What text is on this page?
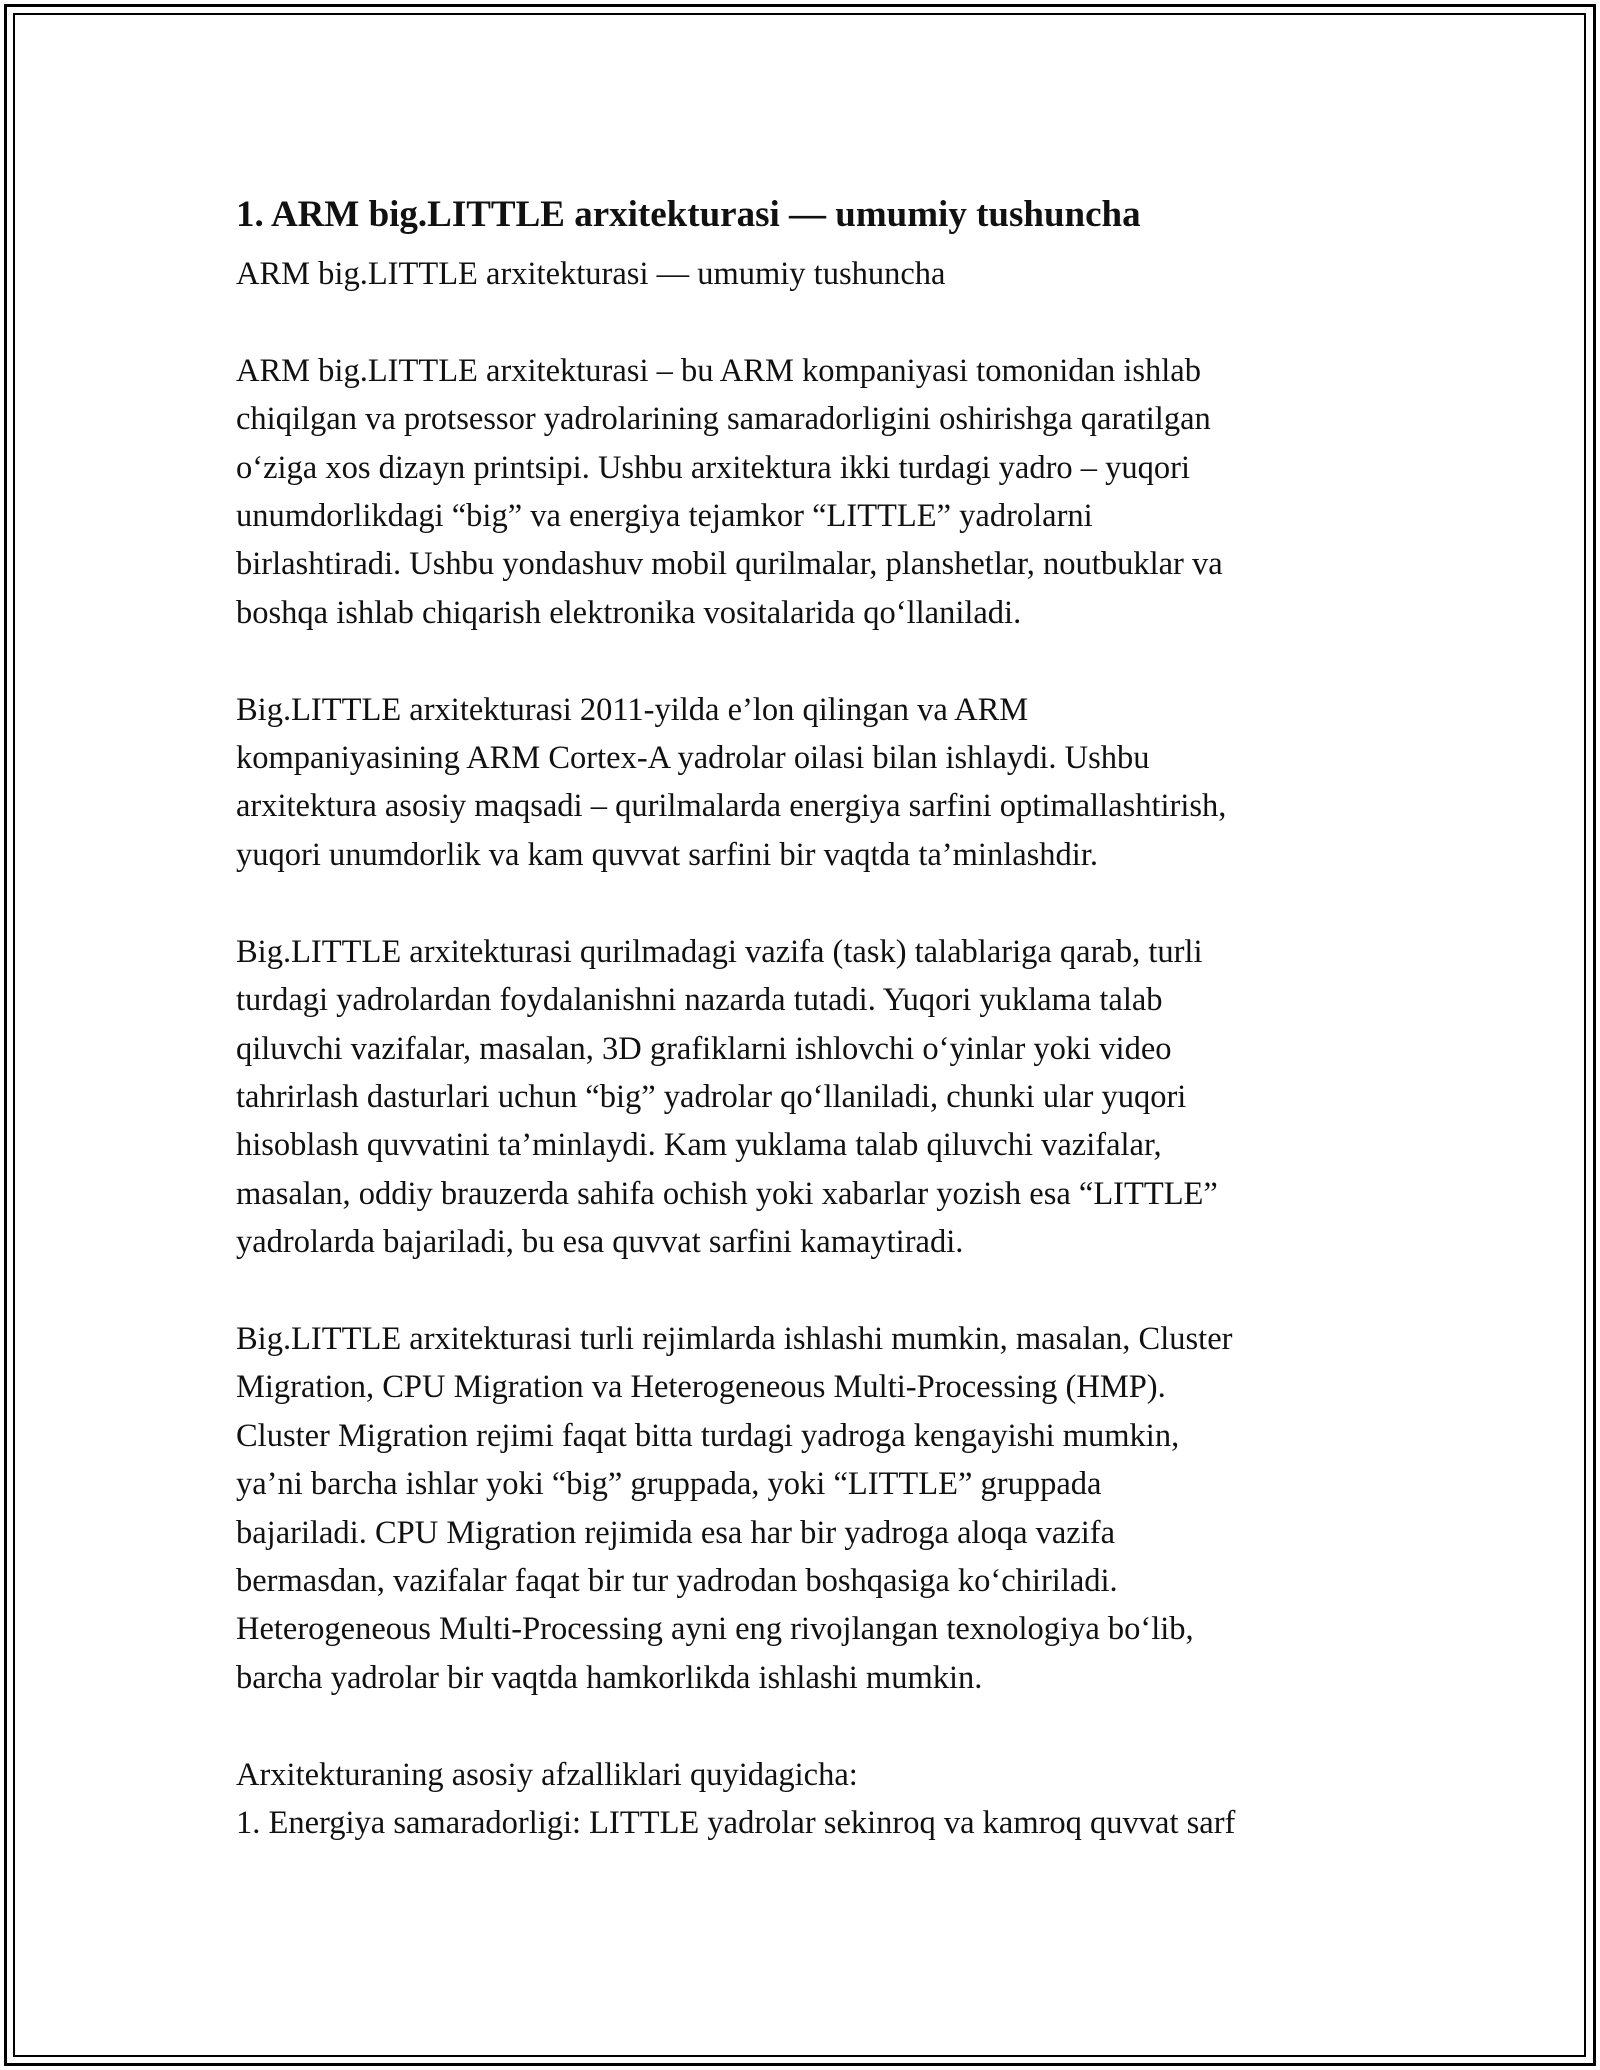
1. ARM big.LITTLE arxitekturasi — umumiy tushuncha
ARM big.LITTLE arxitekturasi — umumiy tushuncha

ARM big.LITTLE arxitekturasi – bu ARM kompaniyasi tomonidan ishlab
chiqilgan va protsessor yadrolarining samaradorligini oshirishga qaratilgan
o‘ziga xos dizayn printsipi. Ushbu arxitektura ikki turdagi yadro – yuqori
unumdorlikdagi “big” va energiya tejamkor “LITTLE” yadrolarni
birlashtiradi. Ushbu yondashuv mobil qurilmalar, planshetlar, noutbuklar va
boshqa ishlab chiqarish elektronika vositalarida qo‘llaniladi.

Big.LITTLE arxitekturasi 2011-yilda e’lon qilingan va ARM
kompaniyasining ARM Cortex-A yadrolar oilasi bilan ishlaydi. Ushbu
arxitektura asosiy maqsadi – qurilmalarda energiya sarfini optimallashtirish,
yuqori unumdorlik va kam quvvat sarfini bir vaqtda ta’minlashdir.

Big.LITTLE arxitekturasi qurilmadagi vazifa (task) talablariga qarab, turli
turdagi yadrolardan foydalanishni nazarda tutadi. Yuqori yuklama talab
qiluvchi vazifalar, masalan, 3D grafiklarni ishlovchi o‘yinlar yoki video
tahrirlash dasturlari uchun “big” yadrolar qo‘llaniladi, chunki ular yuqori
hisoblash quvvatini ta’minlaydi. Kam yuklama talab qiluvchi vazifalar,
masalan, oddiy brauzerda sahifa ochish yoki xabarlar yozish esa “LITTLE”
yadrolarda bajariladi, bu esa quvvat sarfini kamaytiradi.

Big.LITTLE arxitekturasi turli rejimlarda ishlashi mumkin, masalan, Cluster
Migration, CPU Migration va Heterogeneous Multi-Processing (HMP).
Cluster Migration rejimi faqat bitta turdagi yadroga kengayishi mumkin,
ya’ni barcha ishlar yoki “big” gruppada, yoki “LITTLE” gruppada
bajariladi. CPU Migration rejimida esa har bir yadroga aloqa vazifa
bermasdan, vazifalar faqat bir tur yadrodan boshqasiga ko‘chiriladi.
Heterogeneous Multi-Processing ayni eng rivojlangan texnologiya bo‘lib,
barcha yadrolar bir vaqtda hamkorlikda ishlashi mumkin.

Arxitekturaning asosiy afzalliklari quyidagicha:
1. Energiya samaradorligi: LITTLE yadrolar sekinroq va kamroq quvvat sarf
